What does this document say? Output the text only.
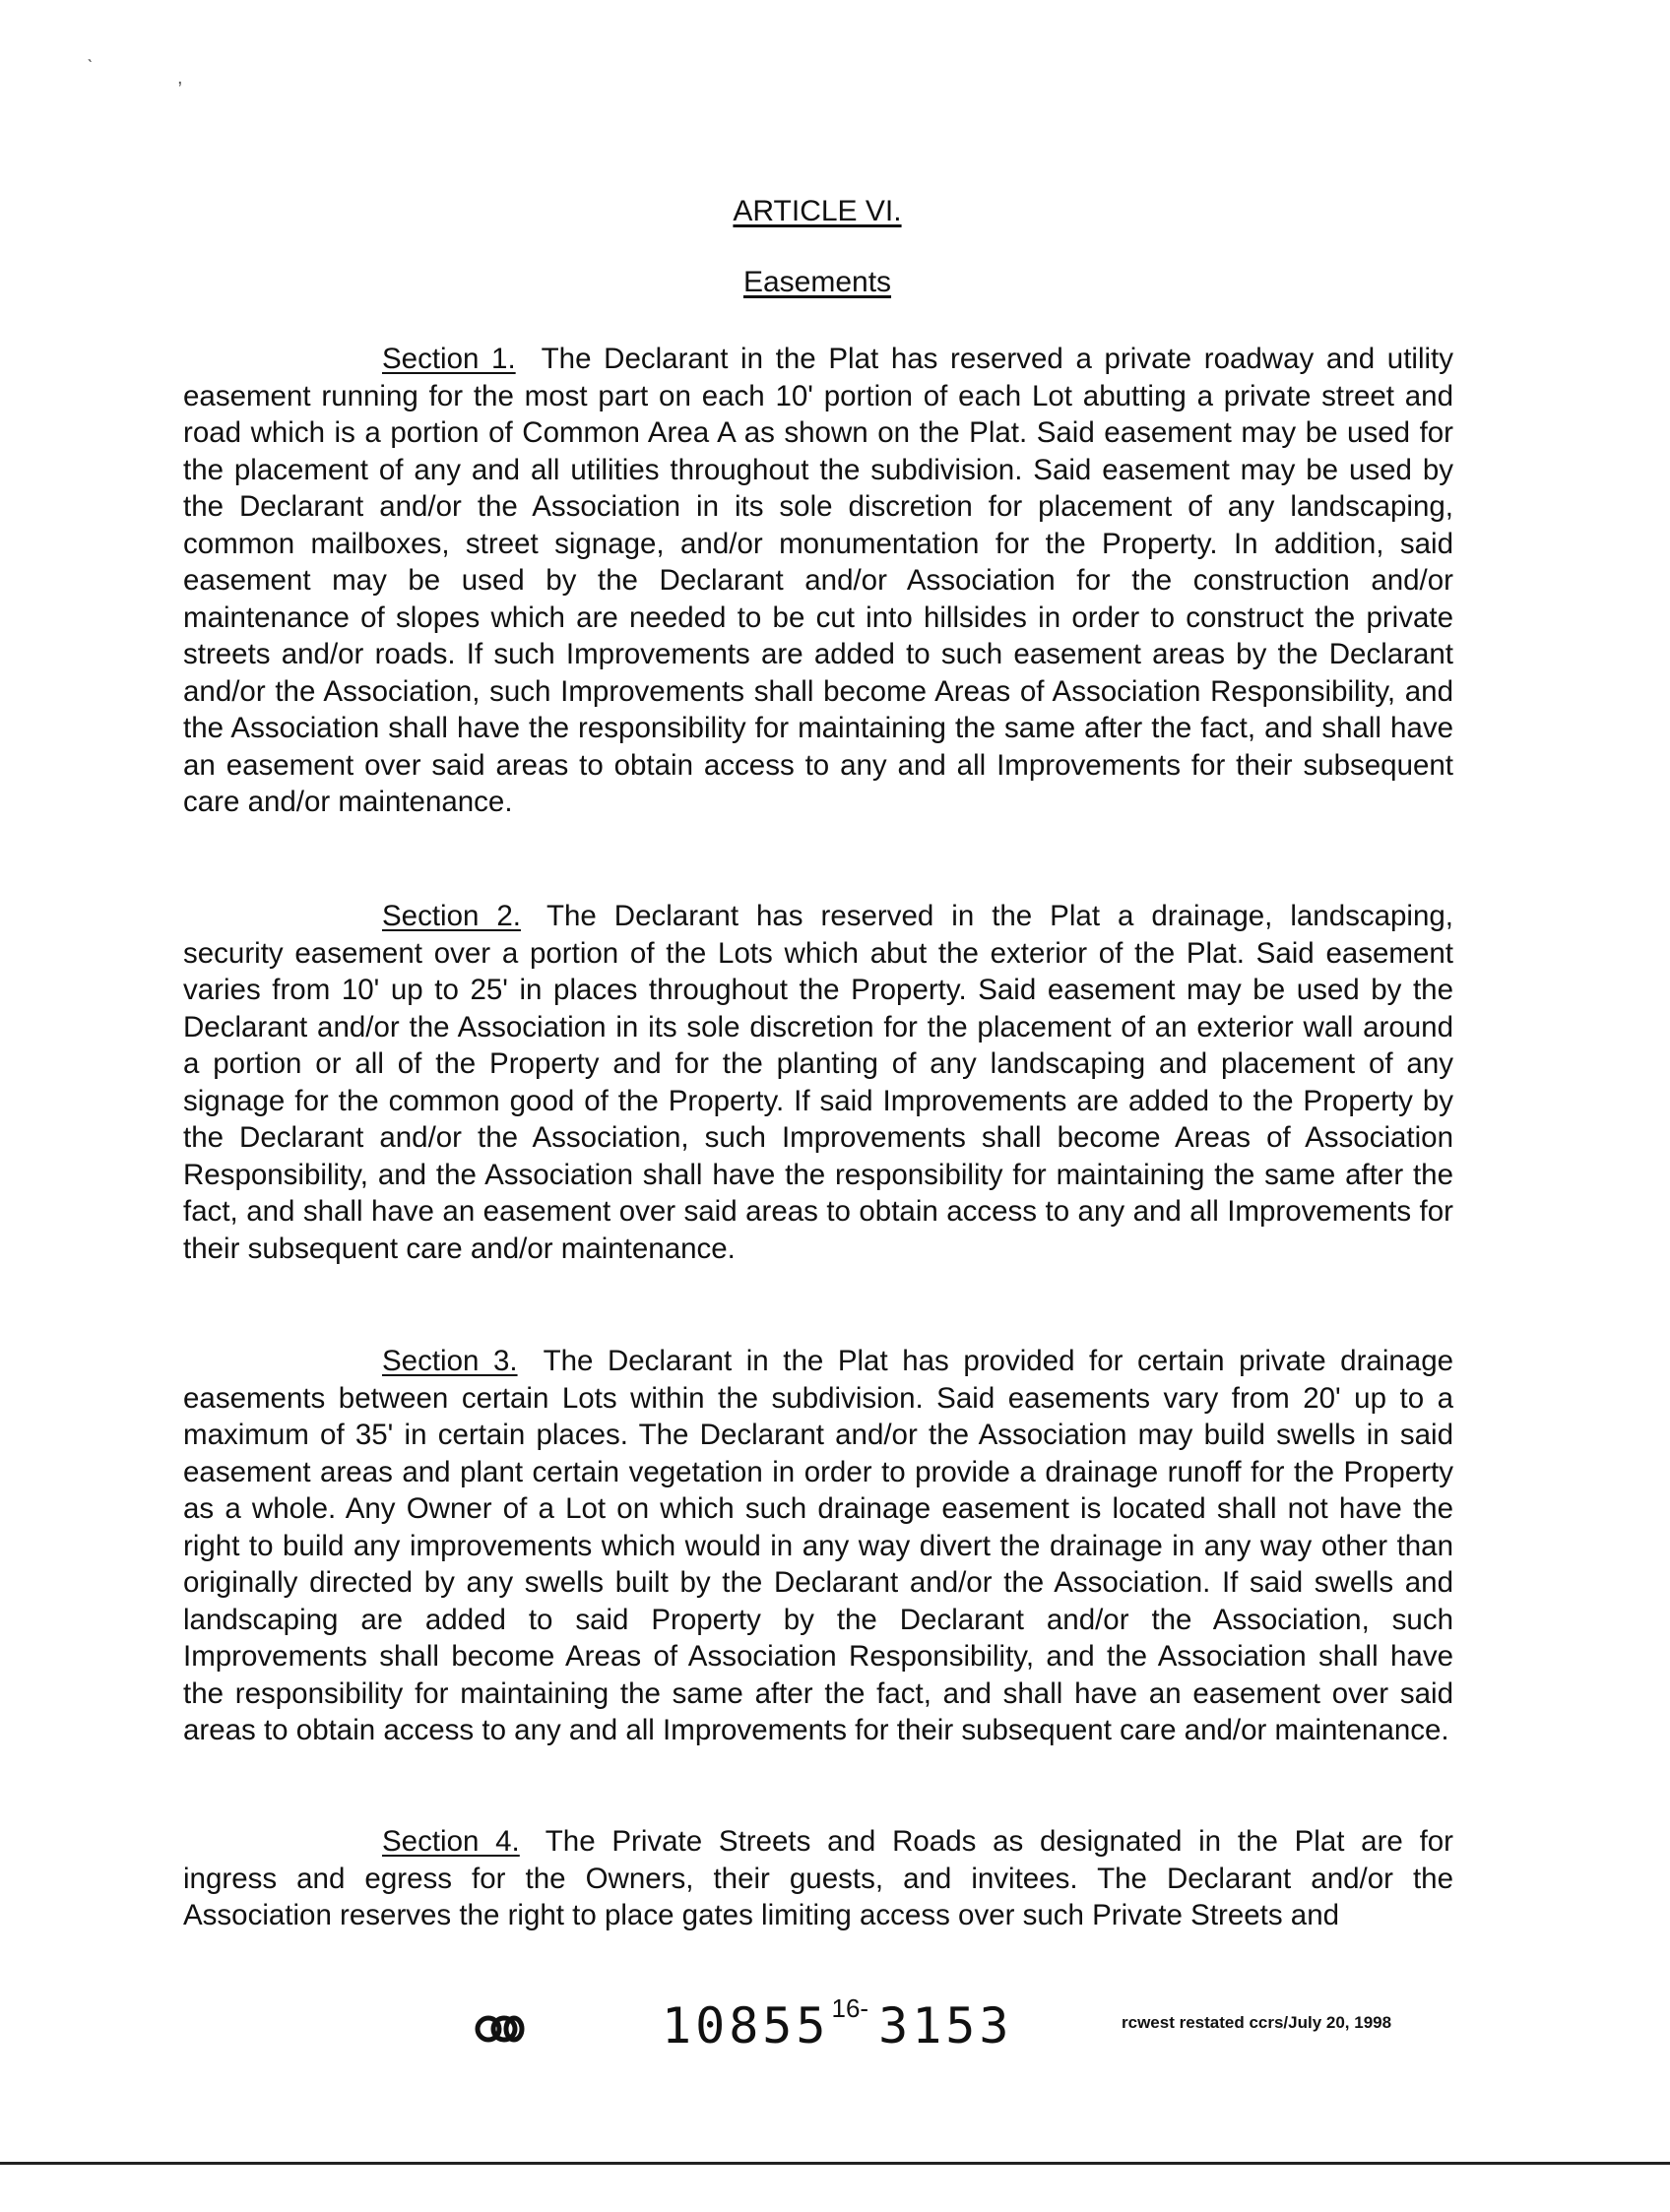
ˋ	,
ARTICLE VI.
Easements

Section 1. The Declarant in the Plat has reserved a private roadway and utility easement running for the most part on each 10' portion of each Lot abutting a private street and road which is a portion of Common Area A as shown on the Plat. Said easement may be used for the placement of any and all utilities throughout the subdivision. Said easement may be used by the Declarant and/or the Association in its sole discretion for placement of any landscaping, common mailboxes, street signage, and/or monumentation for the Property. In addition, said easement may be used by the Declarant and/or Association for the construction and/or maintenance of slopes which are needed to be cut into hillsides in order to construct the private streets and/or roads. If such Improvements are added to such easement areas by the Declarant and/or the Association, such Improvements shall become Areas of Association Responsibility, and the Association shall have the responsibility for maintaining the same after the fact, and shall have an easement over said areas to obtain access to any and all Improvements for their subsequent care and/or maintenance.

Section 2. The Declarant has reserved in the Plat a drainage, landscaping, security easement over a portion of the Lots which abut the exterior of the Plat. Said easement varies from 10' up to 25' in places throughout the Property. Said easement may be used by the Declarant and/or the Association in its sole discretion for the placement of an exterior wall around a portion or all of the Property and for the planting of any landscaping and placement of any signage for the common good of the Property. If said Improvements are added to the Property by the Declarant and/or the Association, such Improvements shall become Areas of Association Responsibility, and the Association shall have the responsibility for maintaining the same after the fact, and shall have an easement over said areas to obtain access to any and all Improvements for their subsequent care and/or maintenance.

Section 3. The Declarant in the Plat has provided for certain private drainage easements between certain Lots within the subdivision. Said easements vary from 20' up to a maximum of 35' in certain places. The Declarant and/or the Association may build swells in said easement areas and plant certain vegetation in order to provide a drainage runoff for the Property as a whole. Any Owner of a Lot on which such drainage easement is located shall not have the right to build any improvements which would in any way divert the drainage in any way other than originally directed by any swells built by the Declarant and/or the Association. If said swells and landscaping are added to said Property by the Declarant and/or the Association, such Improvements shall become Areas of Association Responsibility, and the Association shall have the responsibility for maintaining the same after the fact, and shall have an easement over said areas to obtain access to any and all Improvements for their subsequent care and/or maintenance.

Section 4. The Private Streets and Roads as designated in the Plat are for ingress and egress for the Owners, their guests, and invitees. The Declarant and/or the Association reserves the right to place gates limiting access over such Private Streets and

$10855^{16-}$ 3153	rcwest restated ccrs/July 20, 1998
